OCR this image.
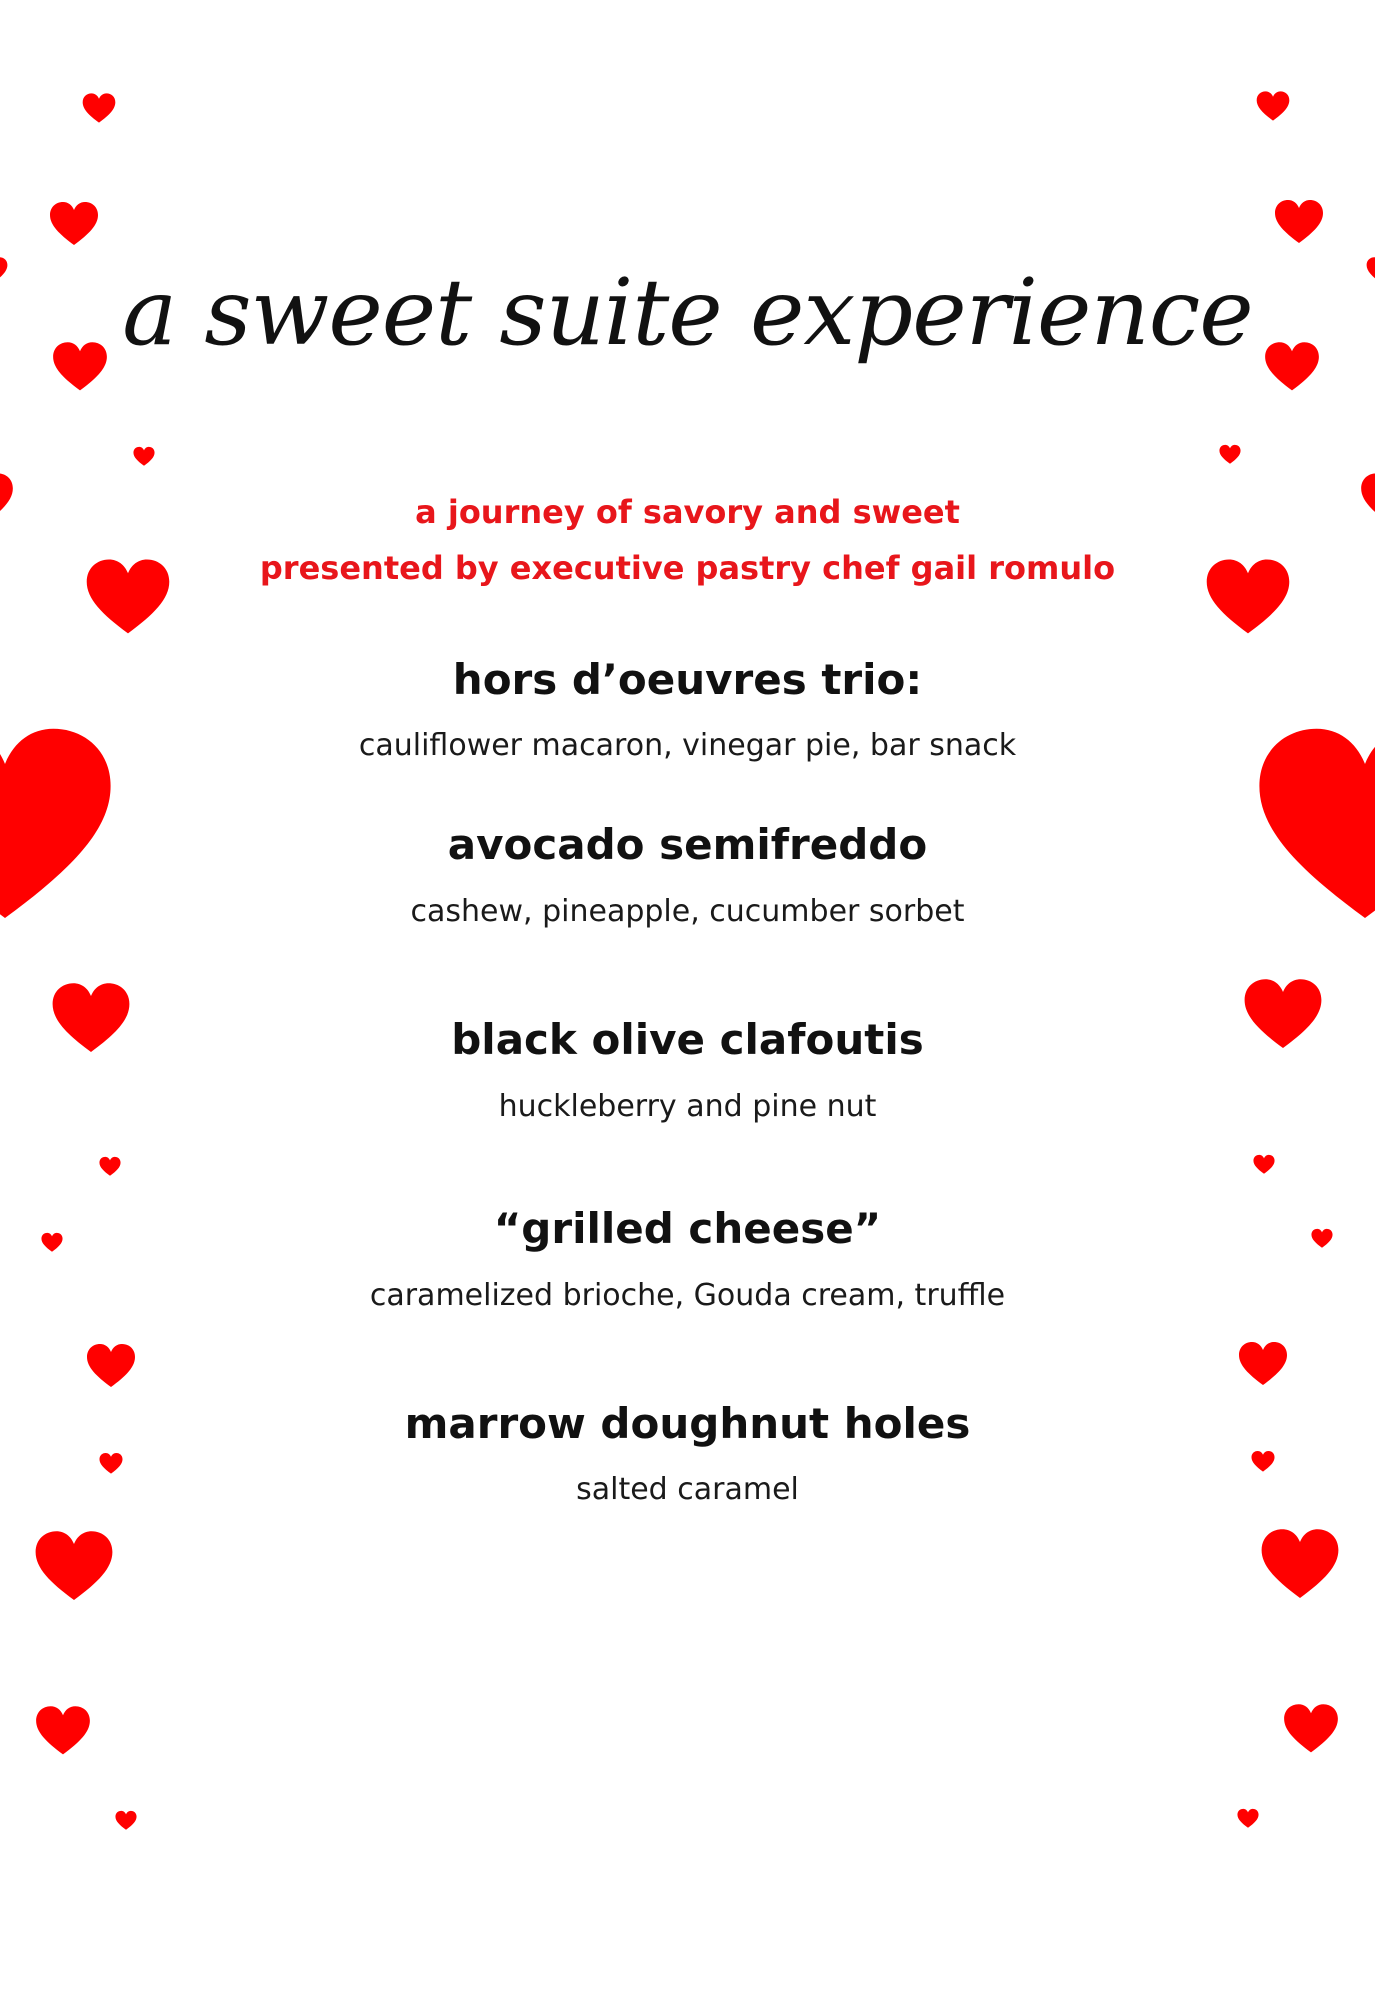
a sweet suite experience
a journey of savory and sweet
presented by executive pastry chef gail romulo
hors d’oeuvres trio:
cauliflower macaron, vinegar pie, bar snack
avocado semifreddo
cashew, pineapple, cucumber sorbet
black olive clafoutis
huckleberry and pine nut
“grilled cheese”
caramelized brioche, Gouda cream, truffle
marrow doughnut holes
salted caramel
